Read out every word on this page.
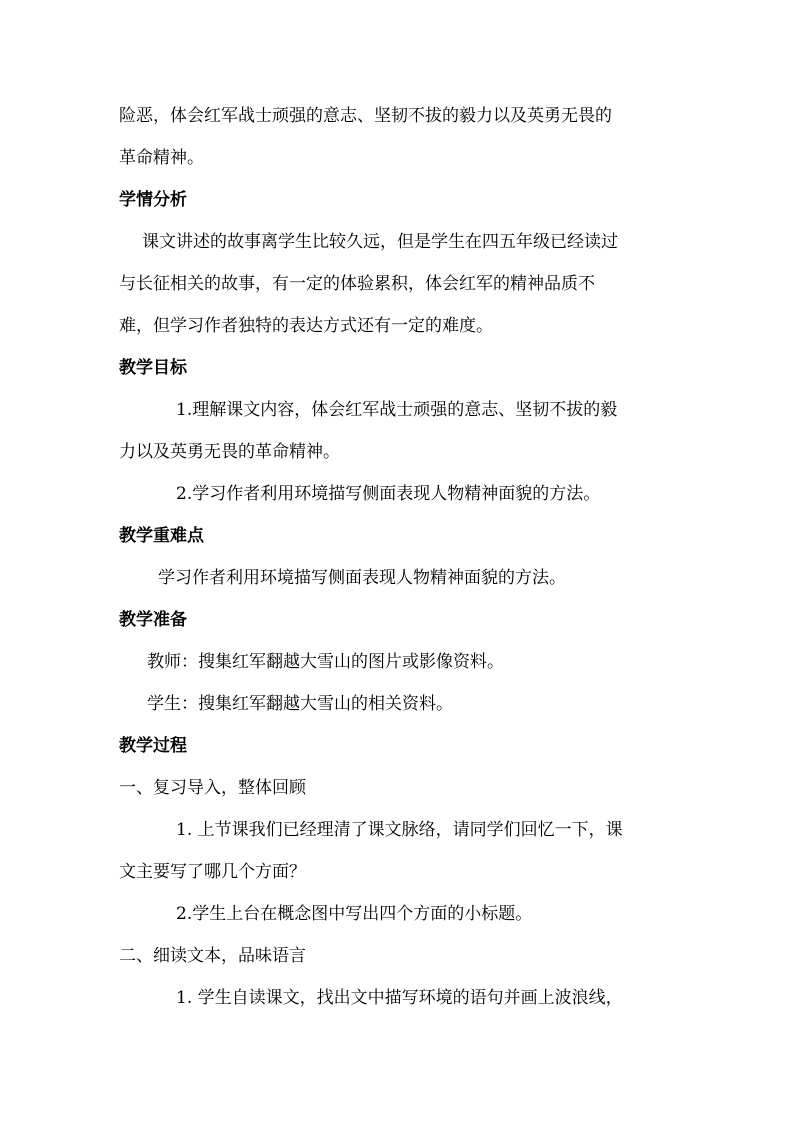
险恶，体会红军战士顽强的意志、坚韧不拔的毅力以及英勇无畏的
革命精神。
学情分析
课文讲述的故事离学生比较久远，但是学生在四五年级已经读过
与长征相关的故事，有一定的体验累积，体会红军的精神品质不
难，但学习作者独特的表达方式还有一定的难度。
教学目标
1.理解课文内容，体会红军战士顽强的意志、坚韧不拔的毅
力以及英勇无畏的革命精神。
2.学习作者利用环境描写侧面表现人物精神面貌的方法。
教学重难点
学习作者利用环境描写侧面表现人物精神面貌的方法。
教学准备
教师：搜集红军翻越大雪山的图片或影像资料。
学生：搜集红军翻越大雪山的相关资料。
教学过程
一、复习导入，整体回顾
1. 上节课我们已经理清了课文脉络，请同学们回忆一下，课
文主要写了哪几个方面？
2.学生上台在概念图中写出四个方面的小标题。
二、细读文本，品味语言
1. 学生自读课文，找出文中描写环境的语句并画上波浪线，
